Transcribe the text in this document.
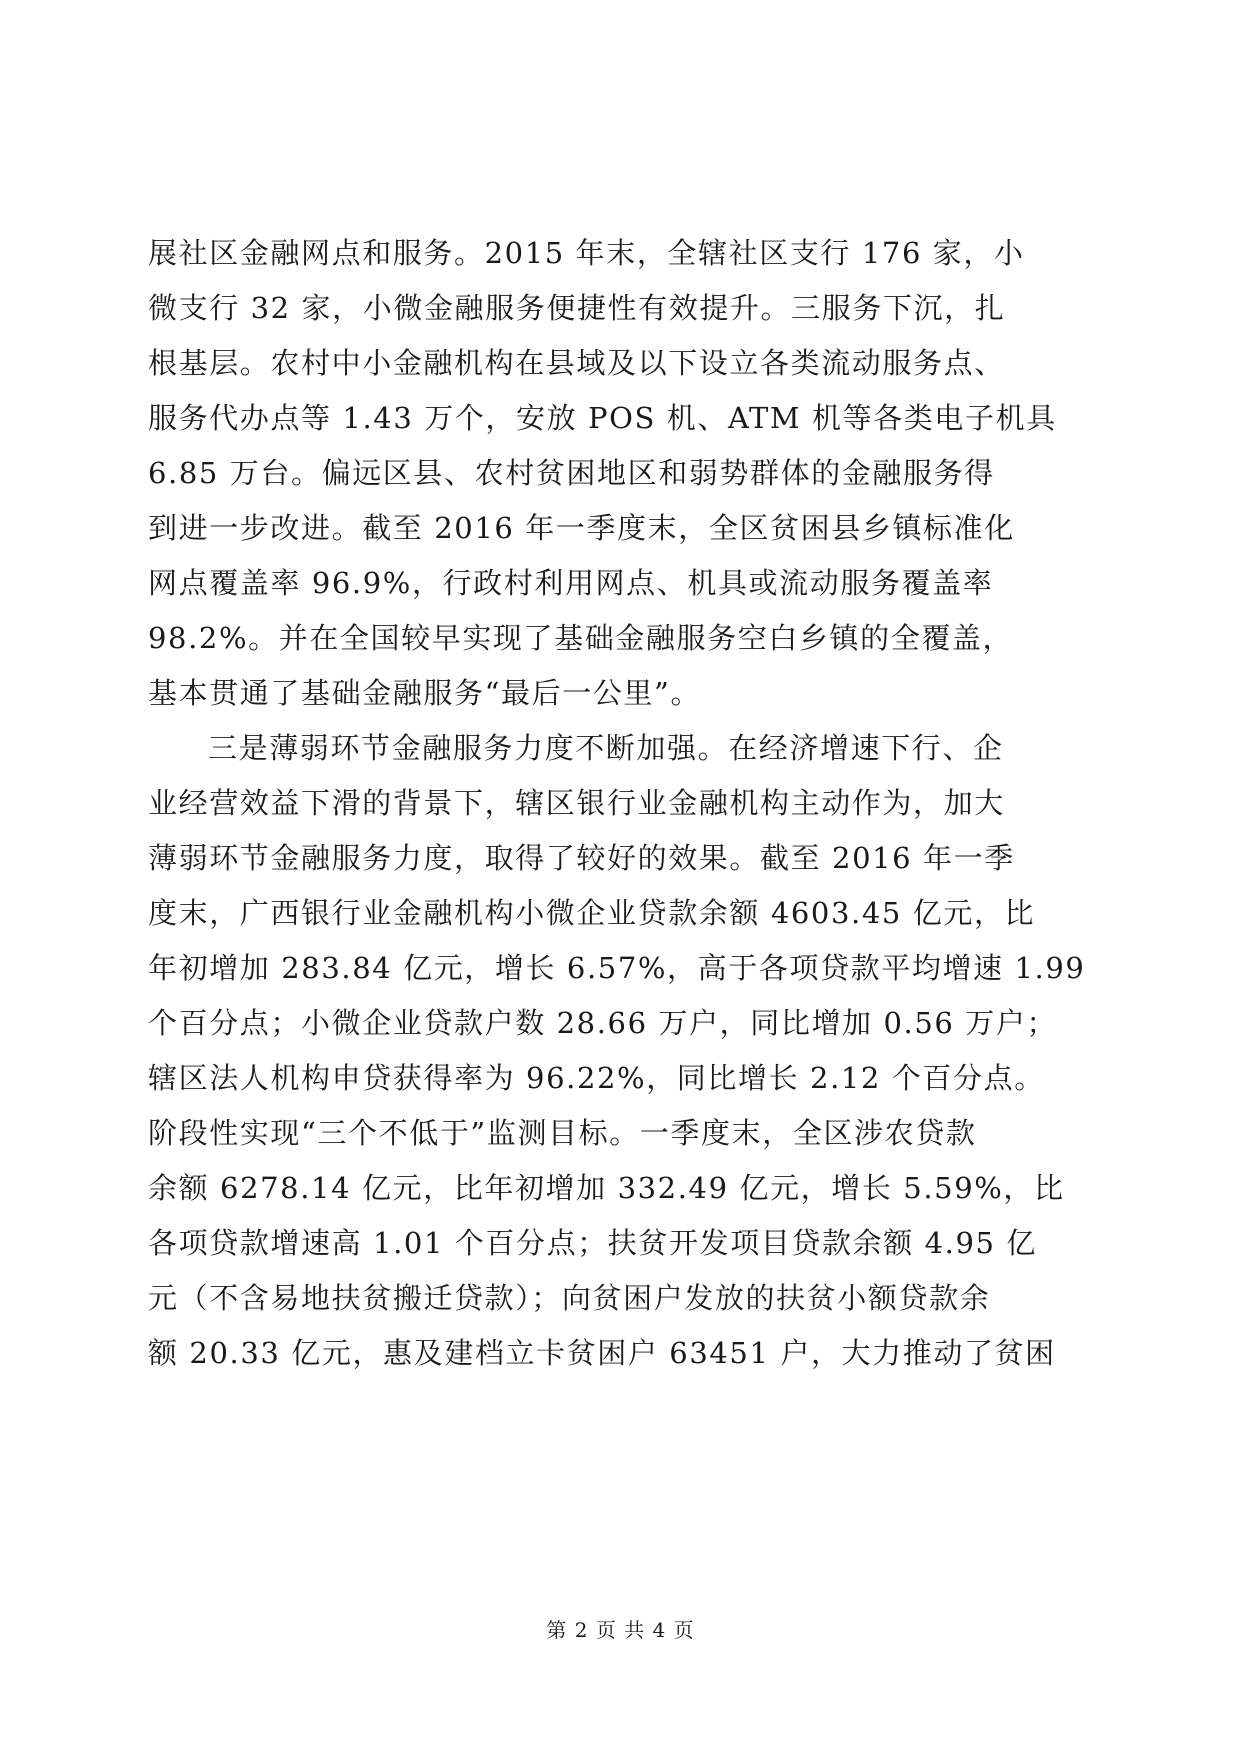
展社区金融网点和服务。2015 年末，全辖社区支行 176 家，小
微支行 32 家，小微金融服务便捷性有效提升。三服务下沉，扎
根基层。农村中小金融机构在县域及以下设立各类流动服务点、
服务代办点等 1.43 万个，安放 POS 机、ATM 机等各类电子机具
6.85 万台。偏远区县、农村贫困地区和弱势群体的金融服务得
到进一步改进。截至 2016 年一季度末，全区贫困县乡镇标准化
网点覆盖率 96.9%，行政村利用网点、机具或流动服务覆盖率
98.2%。并在全国较早实现了基础金融服务空白乡镇的全覆盖，
基本贯通了基础金融服务“最后一公里”。
三是薄弱环节金融服务力度不断加强。在经济增速下行、企
业经营效益下滑的背景下，辖区银行业金融机构主动作为，加大
薄弱环节金融服务力度，取得了较好的效果。截至 2016 年一季
度末，广西银行业金融机构小微企业贷款余额 4603.45 亿元，比
年初增加 283.84 亿元，增长 6.57%，高于各项贷款平均增速 1.99
个百分点；小微企业贷款户数 28.66 万户，同比增加 0.56 万户；
辖区法人机构申贷获得率为 96.22%，同比增长 2.12 个百分点。
阶段性实现“三个不低于”监测目标。一季度末，全区涉农贷款
余额 6278.14 亿元，比年初增加 332.49 亿元，增长 5.59%，比
各项贷款增速高 1.01 个百分点；扶贫开发项目贷款余额 4.95 亿
元（不含易地扶贫搬迁贷款）；向贫困户发放的扶贫小额贷款余
额 20.33 亿元，惠及建档立卡贫困户 63451 户，大力推动了贫困
第 2 页 共 4 页
